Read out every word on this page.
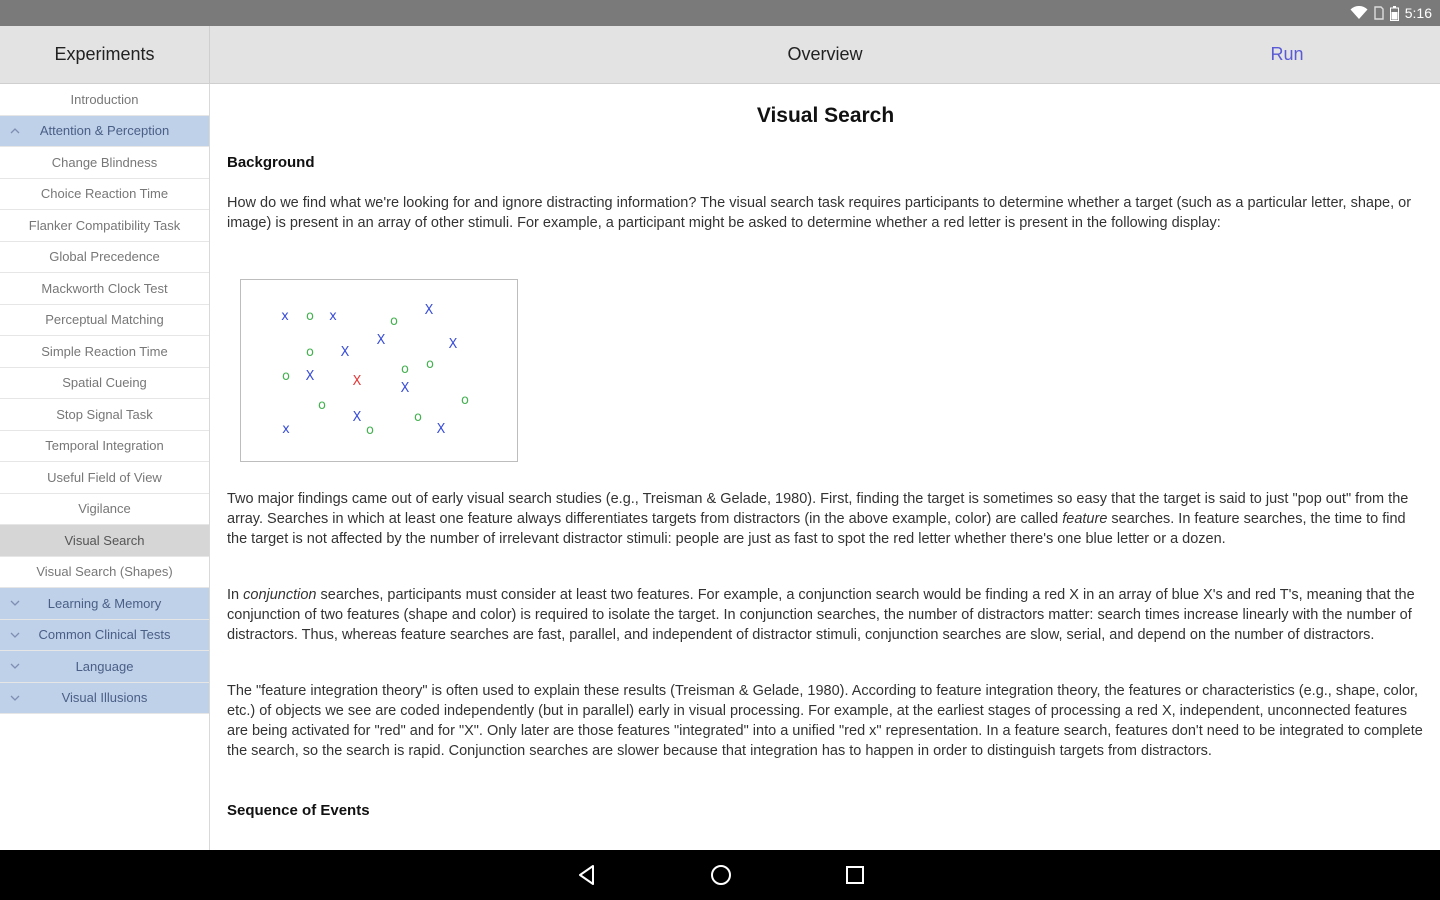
5:16
Experiments	Overview	Run
Introduction
Attention & Perception
Change Blindness
Choice Reaction Time
Flanker Compatibility Task
Global Precedence
Mackworth Clock Test
Perceptual Matching
Simple Reaction Time
Spatial Cueing
Stop Signal Task
Temporal Integration
Useful Field of View
Vigilance
Visual Search
Visual Search (Shapes)
Learning & Memory
Common Clinical Tests
Language
Visual Illusions
Visual Search
Background
How do we find what we're looking for and ignore distracting information? The visual search task requires participants to determine whether a target (such as a particular letter, shape, or image) is present in an array of other stimuli. For example, a participant might be asked to determine whether a red letter is present in the following display:
x o x	X
o
X	X
o X
o X	X
o o
X
o
o
X
o
x	o	X
Two major findings came out of early visual search studies (e.g., Treisman & Gelade, 1980). First, finding the target is sometimes so easy that the target is said to just "pop out" from the array. Searches in which at least one feature always differentiates targets from distractors (in the above example, color) are called feature searches. In feature searches, the time to find the target is not affected by the number of irrelevant distractor stimuli: people are just as fast to spot the red letter whether there's one blue letter or a dozen.
In conjunction searches, participants must consider at least two features. For example, a conjunction search would be finding a red X in an array of blue X's and red T's, meaning that the conjunction of two features (shape and color) is required to isolate the target. In conjunction searches, the number of distractors matter: search times increase linearly with the number of distractors. Thus, whereas feature searches are fast, parallel, and independent of distractor stimuli, conjunction searches are slow, serial, and depend on the number of distractors.
The "feature integration theory" is often used to explain these results (Treisman & Gelade, 1980). According to feature integration theory, the features or characteristics (e.g., shape, color, etc.) of objects we see are coded independently (but in parallel) early in visual processing. For example, at the earliest stages of processing a red X, independent, unconnected features are being activated for "red" and for "X". Only later are those features "integrated" into a unified "red x" representation. In a feature search, features don't need to be integrated to complete the search, so the search is rapid. Conjunction searches are slower because that integration has to happen in order to distinguish targets from distractors.
Sequence of Events
